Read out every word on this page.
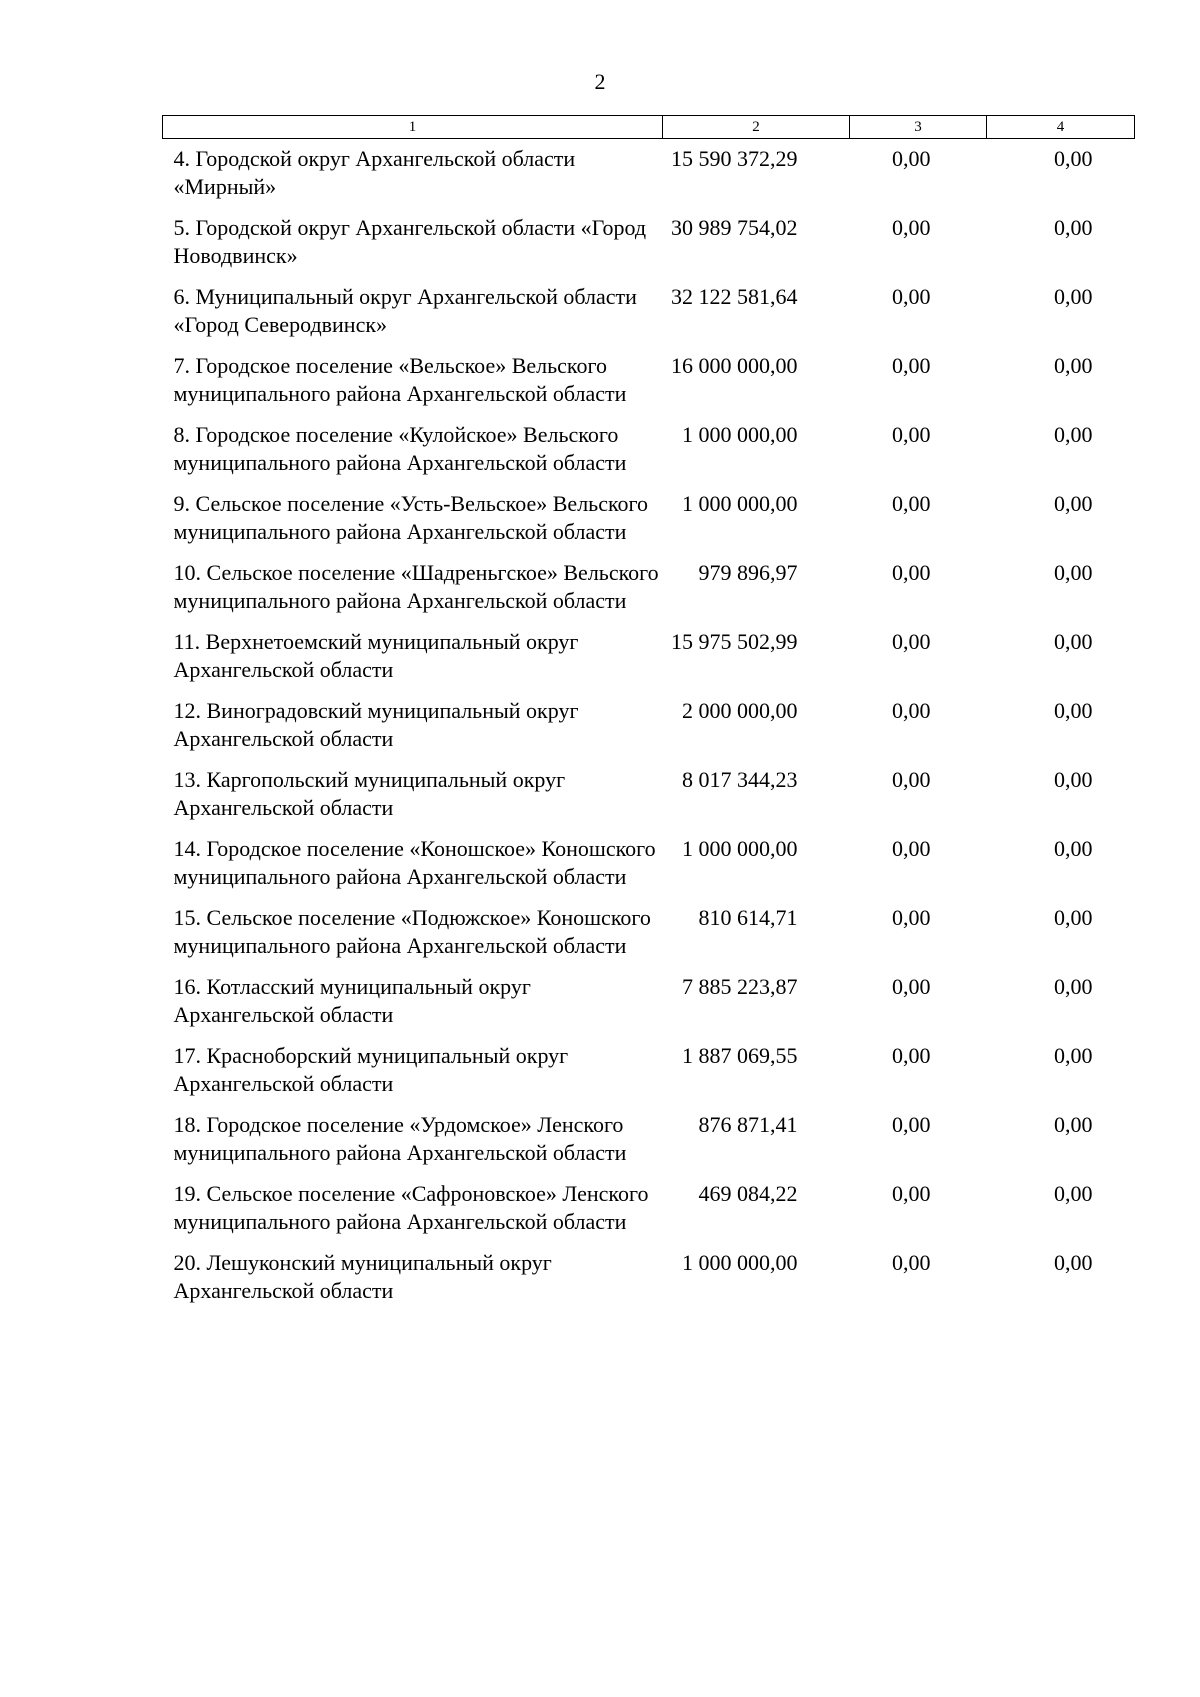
2
1	2	3	4
4. Городской округ Архангельской области «Мирный»	15 590 372,29	0,00	0,00
5. Городской округ Архангельской области «Город Новодвинск»	30 989 754,02	0,00	0,00
6. Муниципальный округ Архангельской области «Город Северодвинск»	32 122 581,64	0,00	0,00
7. Городское поселение «Вельское» Вельского муниципального района Архангельской области	16 000 000,00	0,00	0,00
8. Городское поселение «Кулойское» Вельского муниципального района Архангельской области	1 000 000,00	0,00	0,00
9. Сельское поселение «Усть-Вельское» Вельского муниципального района Архангельской области	1 000 000,00	0,00	0,00
10. Сельское поселение «Шадреньгское» Вельского муниципального района Архангельской области	979 896,97	0,00	0,00
11. Верхнетоемский муниципальный округ Архангельской области	15 975 502,99	0,00	0,00
12. Виноградовский муниципальный округ Архангельской области	2 000 000,00	0,00	0,00
13. Каргопольский муниципальный округ Архангельской области	8 017 344,23	0,00	0,00
14. Городское поселение «Коношское» Коношского муниципального района Архангельской области	1 000 000,00	0,00	0,00
15. Сельское поселение «Подюжское» Коношского муниципального района Архангельской области	810 614,71	0,00	0,00
16. Котласский муниципальный округ Архангельской области	7 885 223,87	0,00	0,00
17. Красноборский муниципальный округ Архангельской области	1 887 069,55	0,00	0,00
18. Городское поселение «Урдомское» Ленского муниципального района Архангельской области	876 871,41	0,00	0,00
19. Сельское поселение «Сафроновское» Ленского муниципального района Архангельской области	469 084,22	0,00	0,00
20. Лешуконский муниципальный округ Архангельской области	1 000 000,00	0,00	0,00
